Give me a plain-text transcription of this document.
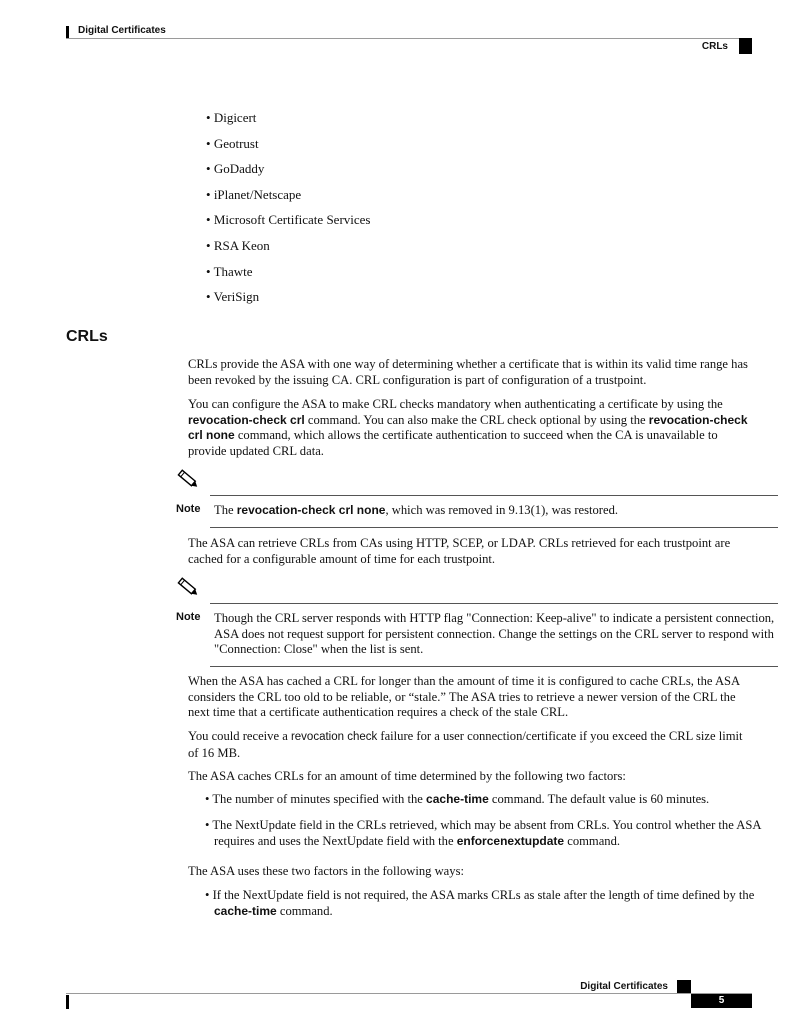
Digital Certificates
CRLs
• Digicert
• Geotrust
• GoDaddy
• iPlanet/Netscape
• Microsoft Certificate Services
• RSA Keon
• Thawte
• VeriSign
CRLs

CRLs provide the ASA with one way of determining whether a certificate that is within its valid time range has been revoked by the issuing CA. CRL configuration is part of configuration of a trustpoint.

You can configure the ASA to make CRL checks mandatory when authenticating a certificate by using the revocation-check crl command. You can also make the CRL check optional by using the revocation-check crl none command, which allows the certificate authentication to succeed when the CA is unavailable to provide updated CRL data.

Note The revocation-check crl none, which was removed in 9.13(1), was restored.

The ASA can retrieve CRLs from CAs using HTTP, SCEP, or LDAP. CRLs retrieved for each trustpoint are cached for a configurable amount of time for each trustpoint.

Note Though the CRL server responds with HTTP flag "Connection: Keep-alive" to indicate a persistent connection, ASA does not request support for persistent connection. Change the settings on the CRL server to respond with "Connection: Close" when the list is sent.

When the ASA has cached a CRL for longer than the amount of time it is configured to cache CRLs, the ASA considers the CRL too old to be reliable, or “stale.” The ASA tries to retrieve a newer version of the CRL the next time that a certificate authentication requires a check of the stale CRL.

You could receive a revocation check failure for a user connection/certificate if you exceed the CRL size limit of 16 MB.

The ASA caches CRLs for an amount of time determined by the following two factors:

• The number of minutes specified with the cache-time command. The default value is 60 minutes.

• The NextUpdate field in the CRLs retrieved, which may be absent from CRLs. You control whether the ASA requires and uses the NextUpdate field with the enforcenextupdate command.

The ASA uses these two factors in the following ways:

• If the NextUpdate field is not required, the ASA marks CRLs as stale after the length of time defined by the cache-time command.

Digital Certificates
5
